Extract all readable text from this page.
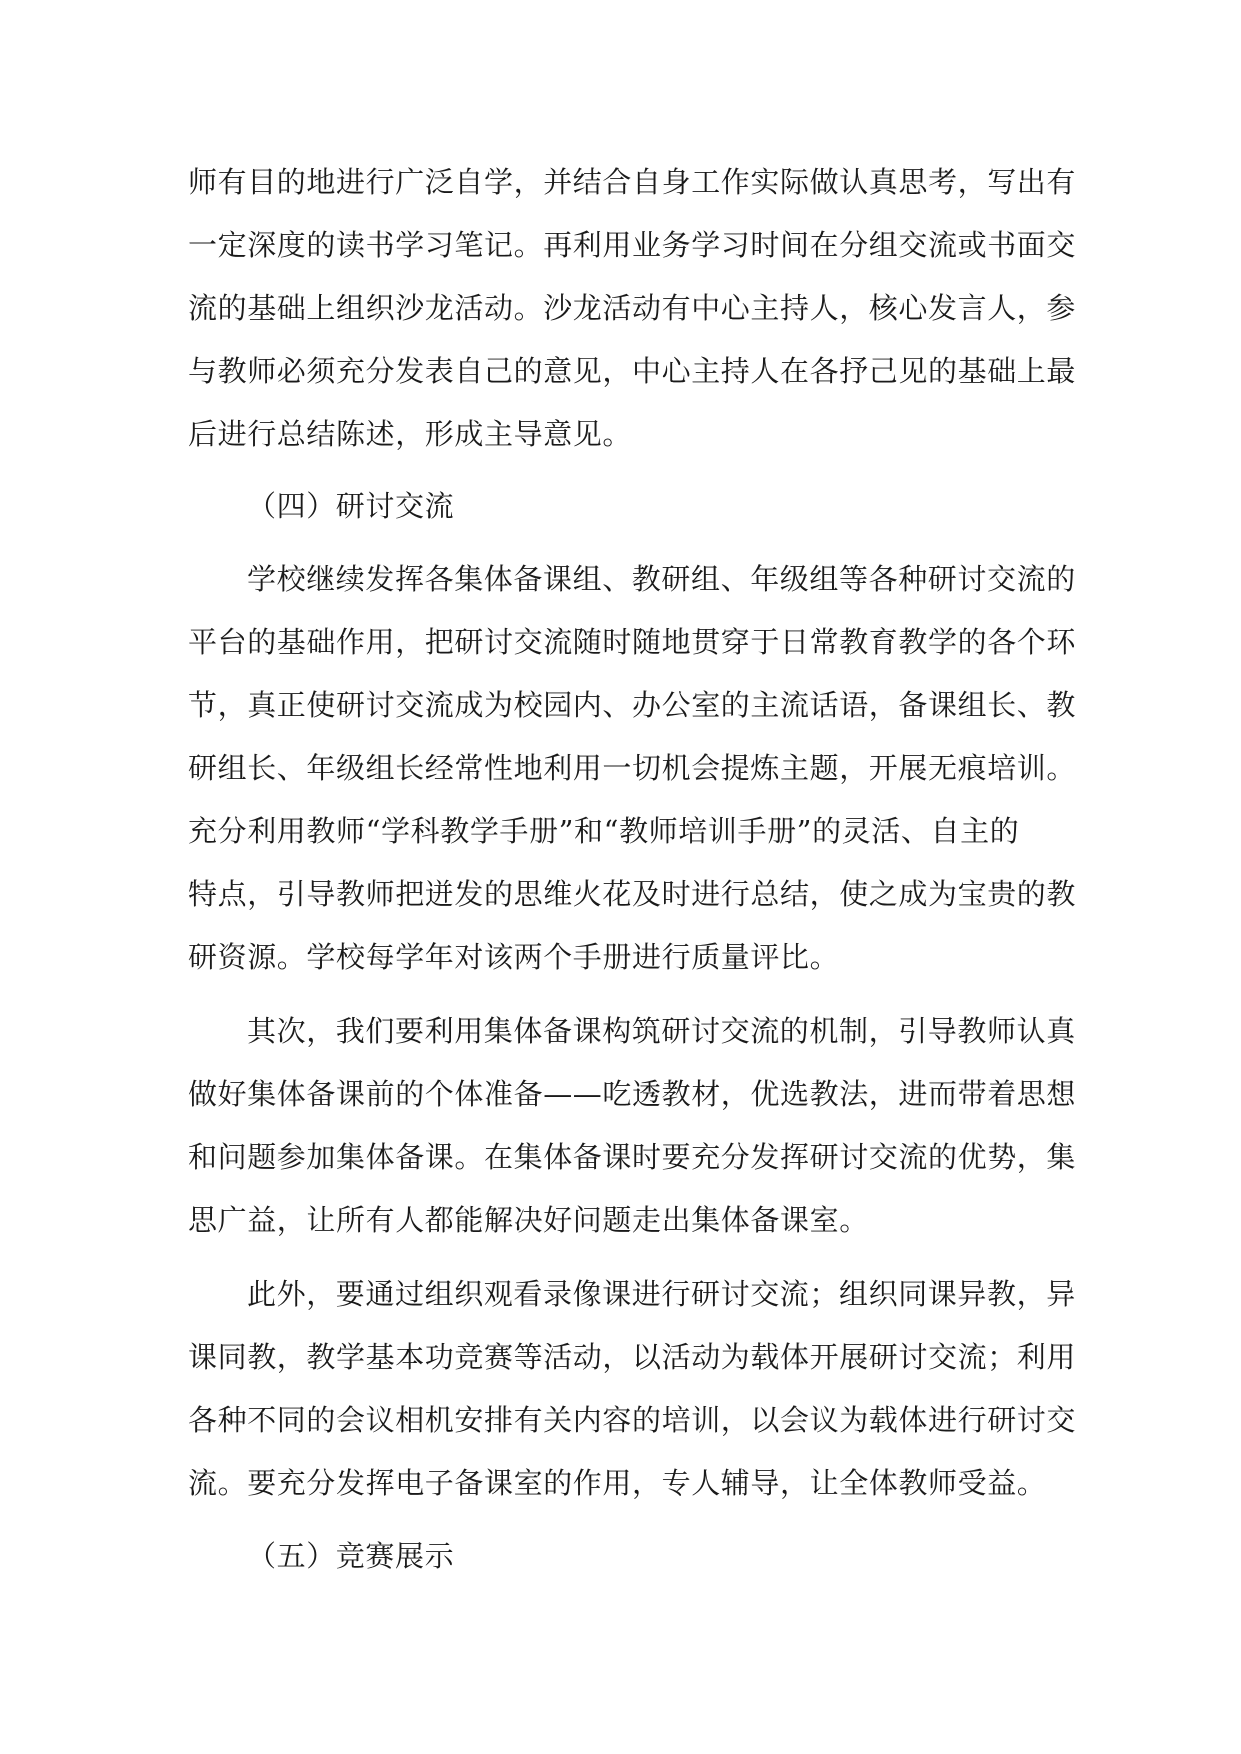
师有目的地进行广泛自学，并结合自身工作实际做认真思考，写出有
一定深度的读书学习笔记。再利用业务学习时间在分组交流或书面交
流的基础上组织沙龙活动。沙龙活动有中心主持人，核心发言人，参
与教师必须充分发表自己的意见，中心主持人在各抒己见的基础上最
后进行总结陈述，形成主导意见。
（四）研讨交流
学校继续发挥各集体备课组、教研组、年级组等各种研讨交流的
平台的基础作用，把研讨交流随时随地贯穿于日常教育教学的各个环
节，真正使研讨交流成为校园内、办公室的主流话语，备课组长、教
研组长、年级组长经常性地利用一切机会提炼主题，开展无痕培训。
充分利用教师“学科教学手册”和“教师培训手册”的灵活、自主的
特点，引导教师把迸发的思维火花及时进行总结，使之成为宝贵的教
研资源。学校每学年对该两个手册进行质量评比。
其次，我们要利用集体备课构筑研讨交流的机制，引导教师认真
做好集体备课前的个体准备——吃透教材，优选教法，进而带着思想
和问题参加集体备课。在集体备课时要充分发挥研讨交流的优势，集
思广益，让所有人都能解决好问题走出集体备课室。
此外，要通过组织观看录像课进行研讨交流；组织同课异教，异
课同教，教学基本功竞赛等活动，以活动为载体开展研讨交流；利用
各种不同的会议相机安排有关内容的培训，以会议为载体进行研讨交
流。要充分发挥电子备课室的作用，专人辅导，让全体教师受益。
（五）竞赛展示
